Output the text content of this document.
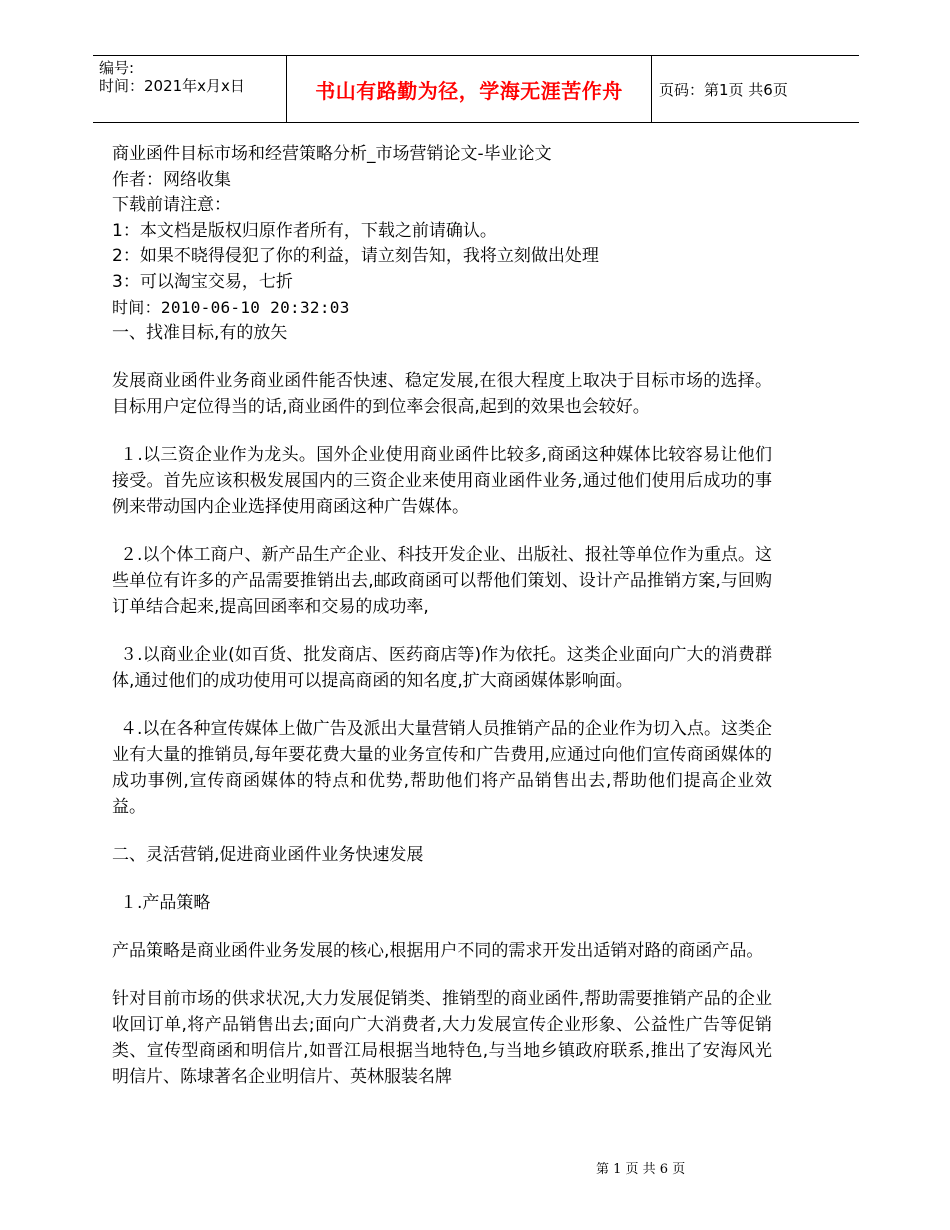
编号:
时间：2021年x月x日	书山有路勤为径，学海无涯苦作舟 页码：第1页 共6页
商业函件目标市场和经营策略分析_市场营销论文-毕业论文
作者：网络收集
下载前请注意：
1：本文档是版权归原作者所有，下载之前请确认。
2：如果不晓得侵犯了你的利益，请立刻告知，我将立刻做出处理
3：可以淘宝交易，七折
时间：2010-06-10 20:32:03
一、找准目标,有的放矢

发展商业函件业务商业函件能否快速、稳定发展,在很大程度上取决于目标市场的选择。目标用户定位得当的话,商业函件的到位率会很高,起到的效果也会较好。

１.以三资企业作为龙头。国外企业使用商业函件比较多,商函这种媒体比较容易让他们接受。首先应该积极发展国内的三资企业来使用商业函件业务,通过他们使用后成功的事例来带动国内企业选择使用商函这种广告媒体。

２.以个体工商户、新产品生产企业、科技开发企业、出版社、报社等单位作为重点。这些单位有许多的产品需要推销出去,邮政商函可以帮他们策划、设计产品推销方案,与回购订单结合起来,提高回函率和交易的成功率,

３.以商业企业(如百货、批发商店、医药商店等)作为依托。这类企业面向广大的消费群体,通过他们的成功使用可以提高商函的知名度,扩大商函媒体影响面。

４.以在各种宣传媒体上做广告及派出大量营销人员推销产品的企业作为切入点。这类企业有大量的推销员,每年要花费大量的业务宣传和广告费用,应通过向他们宣传商函媒体的成功事例,宣传商函媒体的特点和优势,帮助他们将产品销售出去,帮助他们提高企业效益。

二、灵活营销,促进商业函件业务快速发展

１.产品策略

产品策略是商业函件业务发展的核心,根据用户不同的需求开发出适销对路的商函产品。

针对目前市场的供求状况,大力发展促销类、推销型的商业函件,帮助需要推销产品的企业收回订单,将产品销售出去;面向广大消费者,大力发展宣传企业形象、公益性广告等促销类、宣传型商函和明信片,如晋江局根据当地特色,与当地乡镇政府联系,推出了安海风光明信片、陈埭著名企业明信片、英林服装名牌

第 1 页 共 6 页
